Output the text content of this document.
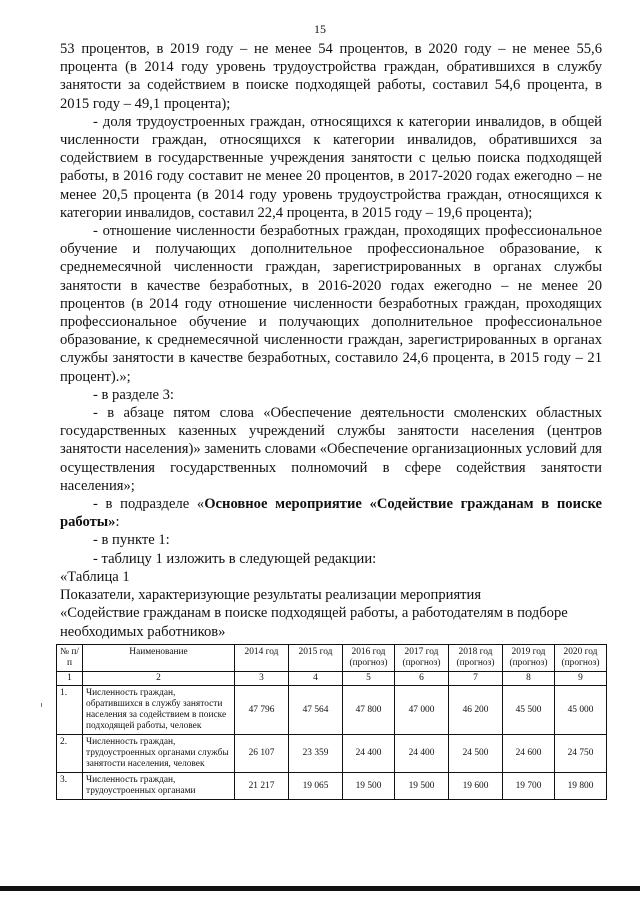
15

53 процентов, в 2019 году – не менее 54 процентов, в 2020 году – не менее 55,6 процента (в 2014 году уровень трудоустройства граждан, обратившихся в службу занятости за содействием в поиске подходящей работы, составил 54,6 процента, в 2015 году – 49,1 процента);

- доля трудоустроенных граждан, относящихся к категории инвалидов, в общей численности граждан, относящихся к категории инвалидов, обратившихся за содействием в государственные учреждения занятости с целью поиска подходящей работы, в 2016 году составит не менее 20 процентов, в 2017-2020 годах ежегодно – не менее 20,5 процента (в 2014 году уровень трудоустройства граждан, относящихся к категории инвалидов, составил 22,4 процента, в 2015 году – 19,6 процента);

- отношение численности безработных граждан, проходящих профессиональное обучение и получающих дополнительное профессиональное образование, к среднемесячной численности граждан, зарегистрированных в органах службы занятости в качестве безработных, в 2016-2020 годах ежегодно – не менее 20 процентов (в 2014 году отношение численности безработных граждан, проходящих профессиональное обучение и получающих дополнительное профессиональное образование, к среднемесячной численности граждан, зарегистрированных в органах службы занятости в качестве безработных, составило 24,6 процента, в 2015 году – 21 процент).»;

- в разделе 3:

- в абзаце пятом слова «Обеспечение деятельности смоленских областных государственных казенных учреждений службы занятости населения (центров занятости населения)» заменить словами «Обеспечение организационных условий для осуществления государственных полномочий в сфере содействия занятости населения»;

- в подразделе «Основное мероприятие «Содействие гражданам в поиске работы»:

- в пункте 1:

- таблицу 1 изложить в следующей редакции:

«Таблица 1

Показатели, характеризующие результаты реализации мероприятия

«Содействие гражданам в поиске подходящей работы, а работодателям в подборе

необходимых работников»

№ п/п	Наименование	2014 год	2015 год	2016 год (прогноз)	2017 год (прогноз)	2018 год (прогноз)	2019 год (прогноз)	2020 год (прогноз)
1	2	3	4	5	6	7	8	9
1.	Численность граждан, обратившихся в службу занятости населения за содействием в поиске подходящей работы, человек	47 796	47 564	47 800	47 000	46 200	45 500	45 000
2.	Численность граждан, трудоустроенных органами службы занятости населения, человек	26 107	23 359	24 400	24 400	24 500	24 600	24 750
3.	Численность граждан, трудоустроенных органами	21 217	19 065	19 500	19 500	19 600	19 700	19 800
